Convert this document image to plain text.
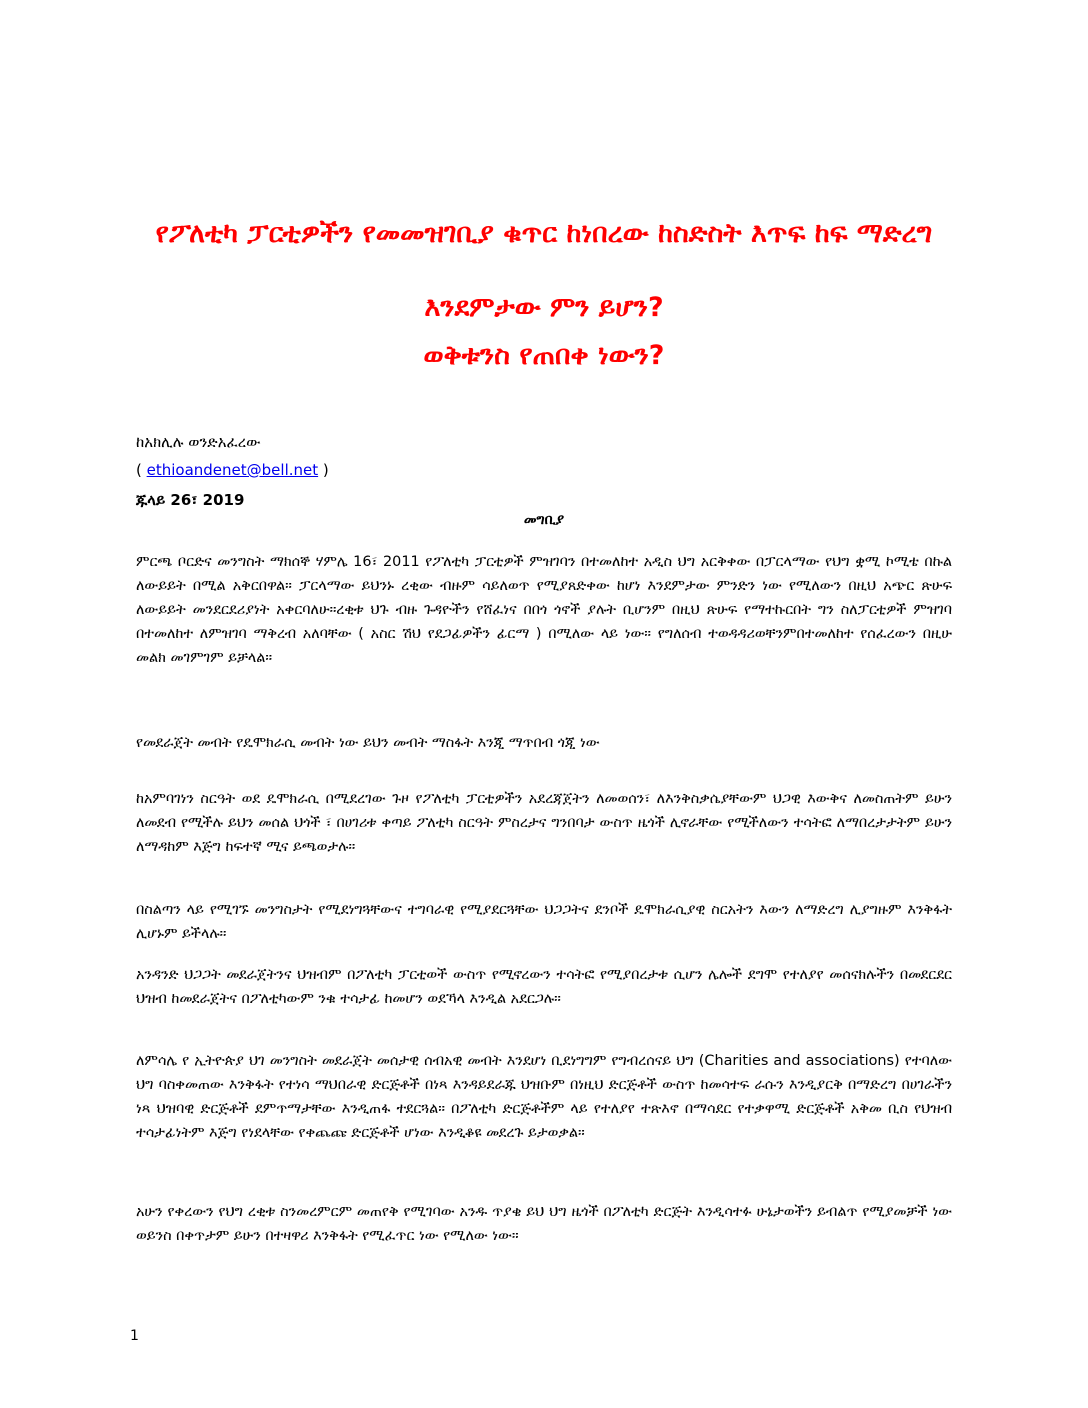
የፖለቲካ ፓርቲዎችን የመመዝገቢያ ቁጥር ከነበረው ከስድስት እጥፍ ከፍ ማድረግ
እንደምታው ምን ይሆን?
ወቅቱንስ የጠበቀ ነውን?
ከአክሊሉ ወንድአፈረው
( ethioandenet@bell.net )
ጁላይ 26፣ 2019
መግቢያ

ምርጫ ቦርድና መንግስት ማክሰኞ ሃምሌ 16፣ 2011 የፖለቲካ ፓርቲዎች ምዝገባን በተመለከተ አዲስ ህግ አርቅቀው በፓርላማው የህግ ቋሚ ኮሚቴ በኩል ለውይይት በሚል አቅርበዋል። ፓርላማው ይህንኑ ረቂው ብዙም ሳይለወጥ የሚያጸድቀው ከሆነ እንደምታው ምንድን ነው የሚለውን በዚህ አጭር ጽሁፍ ለውይይት መንደርደሪያነት አቀርባለሁ።ረቂቱ ህጉ ብዙ ጉዳዮችን የሸፈነና በበጎ ጎኖች ያሉት ቢሆንም በዚህ ጽሁፍ የማተኩርበት ግን ስለፓርቲዎች ምዝገባ በተመለከተ ለምዝገባ ማቅረብ አለባቸው ( አስር ሽህ የደጋፊዎችን ፊርማ ) በሚለው ላይ ነው። የግለሰብ ተወዳዳሪወቸንምበተመለከተ የሰፈረውን በዚሁ መልክ መገምገም ይቻላል።

የመደራጀት መብት የዴሞክራሲ መብት ነው ይህን መብት ማስፋት እንጂ ማጥበብ ጎጂ ነው

ከአምባገነን ስርዓት ወደ ዴሞክራሲ በሚደረገው ጉዞ የፖለቲካ ፓርቲዎችን አደረጃጀትን ለመወሰን፣ ለእንቅስቃሴያቸውም ህጋዊ እውቅና ለመስጠትም ይሁን ለመደብ የሚችሉ ይህን መሰል ህጎች ፣ በሀገሪቱ ቀጣይ ፖለቲካ ስርዓት ምስረታና ግንበባታ ውስጥ ዜጎች ሊኖራቸው የሚችለውን ተሳትፎ ለማበረታታትም ይሁን ለማዳከም እጅግ ከፍተኛ ሚና ይጫወታሉ።

በስልጣን ላይ የሚገኙ መንግስታት የሚደነግጓቸውና ተግባራዊ የሚያደርጓቸው ህጋጋትና ደንቦች ዴሞክራሲያዊ ስርአትን እውን ለማድረግ ሊያግዙም እንቅፋት ሊሆኑም ይችላሉ።

አንዳንድ ህጋጋት መደራጀትንና ህዝብም በፖለቲካ ፓርቲወች ውስጥ የሚኖረውን ተሳትፎ የሚያበረታቱ ሲሆን ሌሎች ደግሞ የተለያየ መሰናክሉችን በመደርደር ህዝብ ከመደራጀትና በፖለቲካውም ንቁ ተሳታፊ ከመሆን ወደኻላ እንዲል አደርጋሉ።

ለምሳሌ የ ኢትዮጵያ ህገ መንግስት መደራጀት መሰታዊ ሰብአዊ መብት እንደሆነ ቢደነግግም የግብረሰናይ ህግ (Charities and associations) የተባለው ህግ ባስቀመጠው እንቅፋት የተነሳ ማህበራዊ ድርጅቶች በነጻ እንዳይደራጁ ህዝቡም በነዚህ ድርጅቶች ውስጥ ከመሳተፍ ራሱን እንዲያርቅ በማድረግ በሀገራችን ነጻ ህዝባዊ ድርጅቶች ደምጥማታቸው እንዲጠፋ ተደርጓል። በፖለቲካ ድርጅቶችም ላይ የተለያየ ተጽእኖ በማሳደር የተቃዋሚ ድርጅቶች አቅመ ቢስ የህዝብ ተሳታፊነትም እጅግ የነደላቸው የቀጨጩ ድርጅቶች ሆነው እንዲቆዩ መደረጉ ይታወቃል።

አሁን የቀረውን የህግ ረቂቱ ስንመረምርም መጠየቅ የሚገባው አንዱ ጥያቄ ይህ ህግ ዜጎች በፖለቲካ ድርጅት እንዲሳተፉ ሁኔታወችን ይብልጥ የሚያመቻች ነው ወይንስ በቀጥታም ይሁን በተዛዋሪ እንቅፋት የሚፈጥር ነው የሚለው ነው።

1
